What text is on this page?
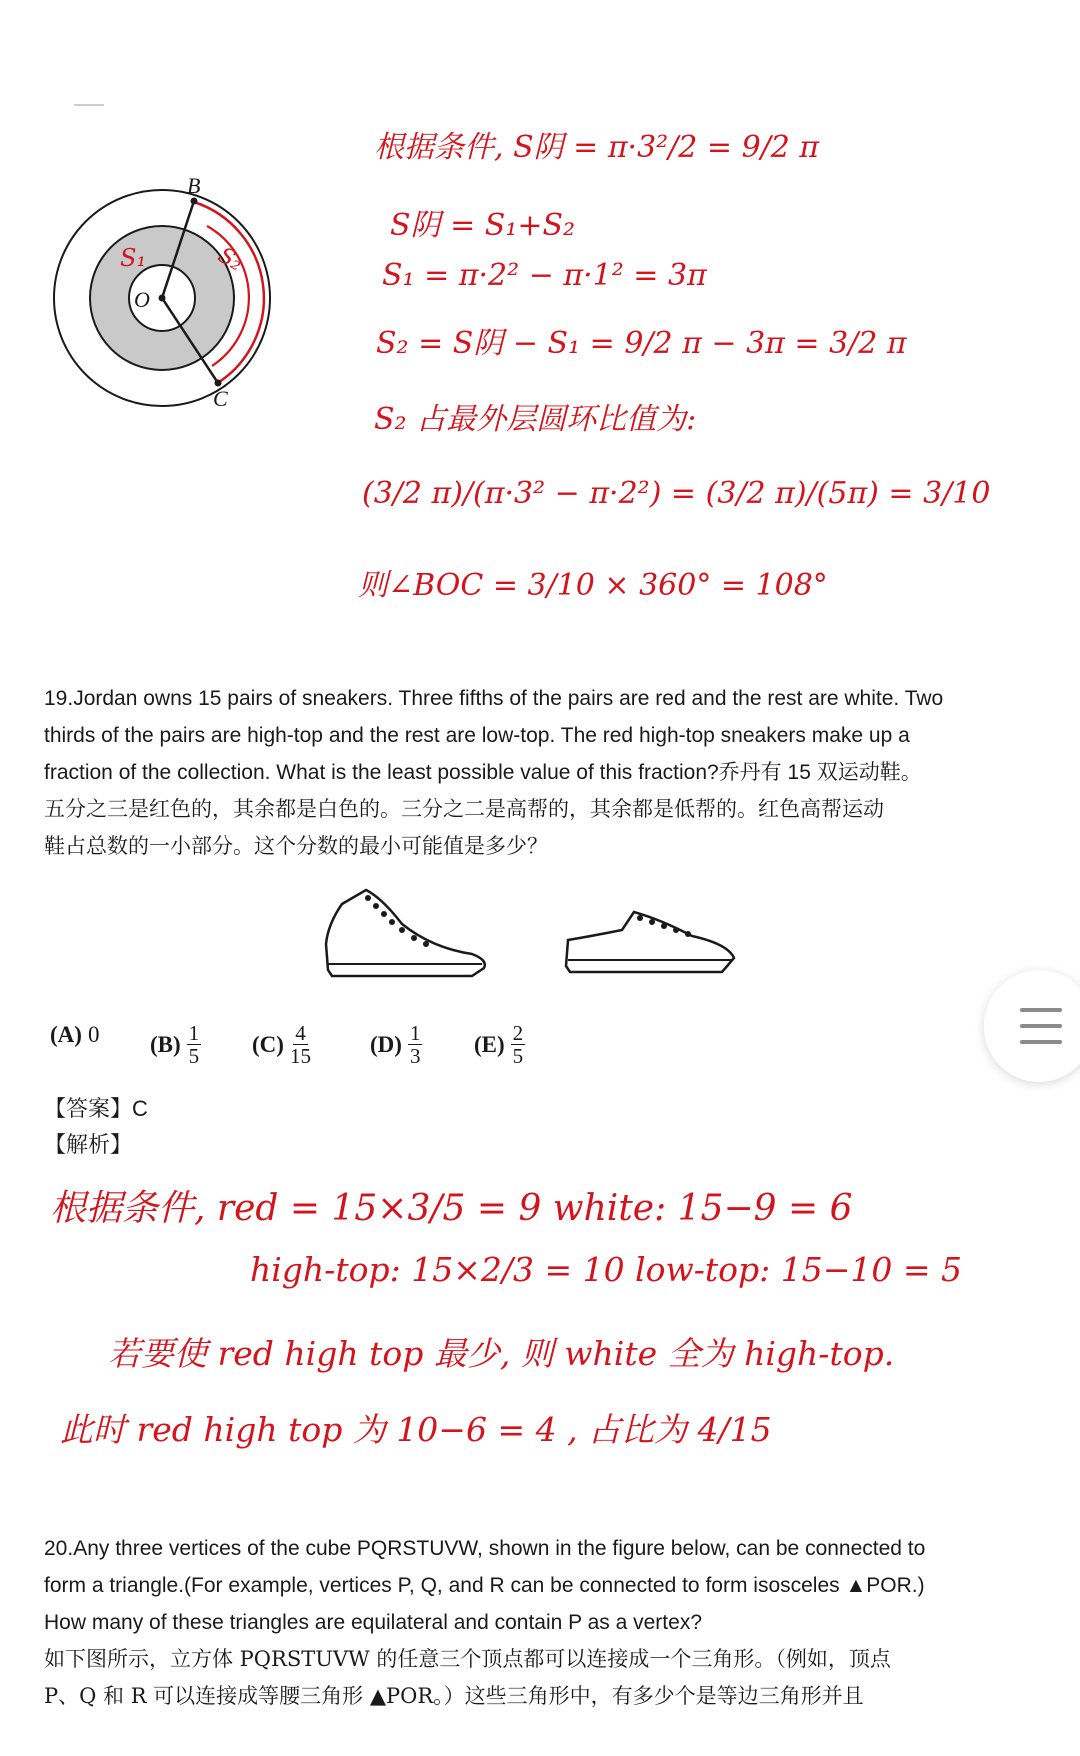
B
C
O
S₁	S₂
根据条件, S阴 = π·3²/2 = 9/2 π
S阴 = S₁+S₂
S₁ = π·2² − π·1² = 3π
S₂ = S阴 − S₁ = 9/2 π − 3π = 3/2 π
S₂ 占最外层圆环比值为:
(3/2 π)/(π·3² − π·2²) = (3/2 π)/(5π) = 3/10
则∠BOC = 3/10 × 360° = 108°
19.Jordan owns 15 pairs of sneakers. Three fifths of the pairs are red and the rest are white. Two
thirds of the pairs are high-top and the rest are low-top. The red high-top sneakers make up a
fraction of the collection. What is the least possible value of this fraction?乔丹有 15 双运动鞋。
五分之三是红色的，其余都是白色的。三分之二是高帮的，其余都是低帮的。红色高帮运动
鞋占总数的一小部分。这个分数的最小可能值是多少？
(A) 0 $(B) \frac{1}{5} (C) \frac{4}{15}$	$(D) \frac{1}{3} (E) \frac{2}{5}$
【答案】C
【解析】
根据条件, red = 15×3/5 = 9 white: 15−9 = 6
high-top: 15×2/3 = 10 low-top: 15−10 = 5
若要使 red high top 最少, 则 white 全为 high-top.
此时 red high top 为 10−6 = 4 , 占比为 4/15
20.Any three vertices of the cube PQRSTUVW, shown in the figure below, can be connected to
form a triangle.(For example, vertices P, Q, and R can be connected to form isosceles ▲POR.)
How many of these triangles are equilateral and contain P as a vertex?
如下图所示，立方体 PQRSTUVW 的任意三个顶点都可以连接成一个三角形。（例如，顶点
P、Q 和 R 可以连接成等腰三角形 ▲POR。）这些三角形中，有多少个是等边三角形并且
